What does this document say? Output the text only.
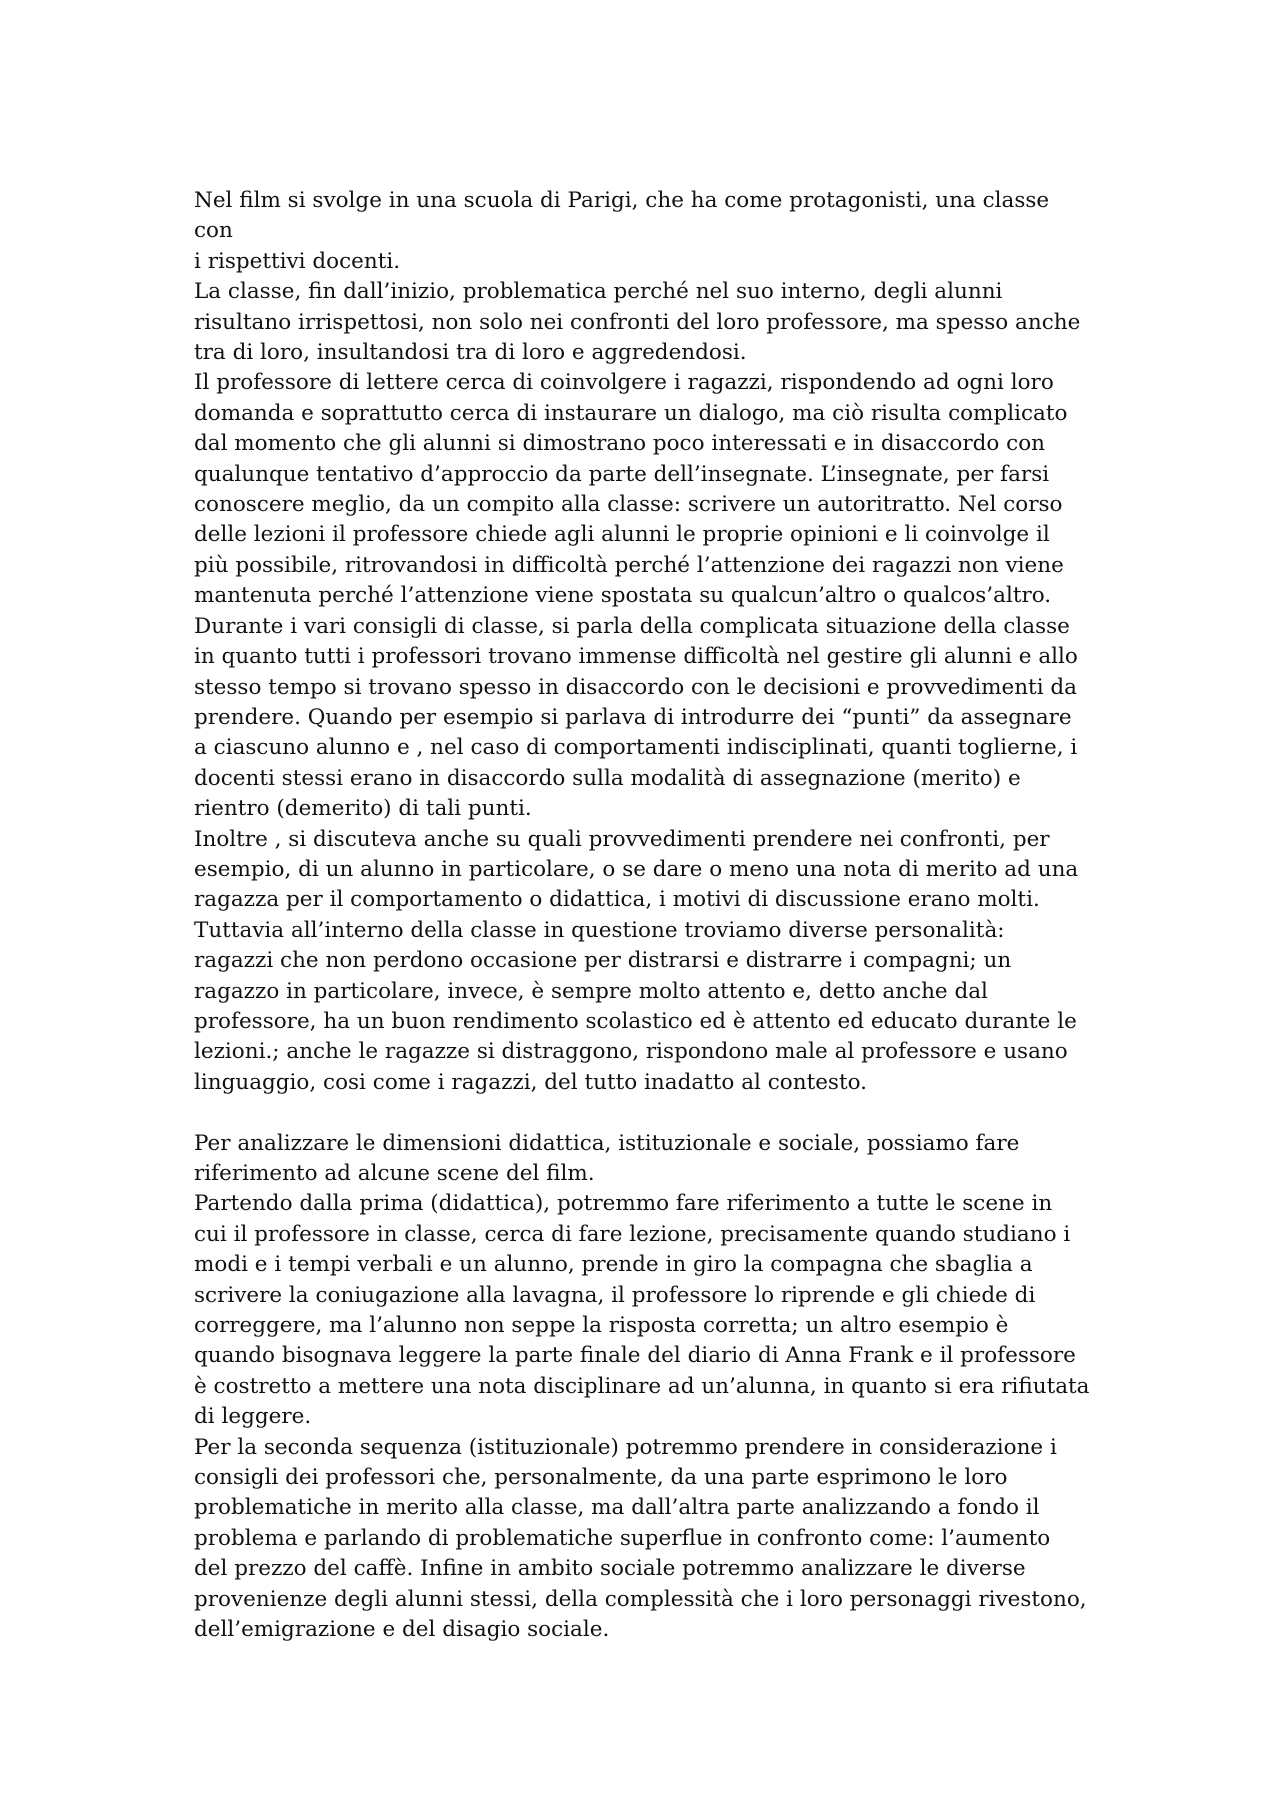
Nel film si svolge in una scuola di Parigi, che ha come protagonisti, una classe con
i rispettivi docenti.

La classe, fin dall’inizio, problematica perché nel suo interno, degli alunni
risultano irrispettosi, non solo nei confronti del loro professore, ma spesso anche
tra di loro, insultandosi tra di loro e aggredendosi.

Il professore di lettere cerca di coinvolgere i ragazzi, rispondendo ad ogni loro
domanda e soprattutto cerca di instaurare un dialogo, ma ciò risulta complicato
dal momento che gli alunni si dimostrano poco interessati e in disaccordo con
qualunque tentativo d’approccio da parte dell’insegnate. L’insegnate, per farsi
conoscere meglio, da un compito alla classe: scrivere un autoritratto. Nel corso
delle lezioni il professore chiede agli alunni le proprie opinioni e li coinvolge il
più possibile, ritrovandosi in difficoltà perché l’attenzione dei ragazzi non viene
mantenuta perché l’attenzione viene spostata su qualcun’altro o qualcos’altro.
Durante i vari consigli di classe, si parla della complicata situazione della classe
in quanto tutti i professori trovano immense difficoltà nel gestire gli alunni e allo
stesso tempo si trovano spesso in disaccordo con le decisioni e provvedimenti da
prendere. Quando per esempio si parlava di introdurre dei “punti” da assegnare
a ciascuno alunno e , nel caso di comportamenti indisciplinati, quanti toglierne, i
docenti stessi erano in disaccordo sulla modalità di assegnazione (merito) e
rientro (demerito) di tali punti.

Inoltre , si discuteva anche su quali provvedimenti prendere nei confronti, per
esempio, di un alunno in particolare, o se dare o meno una nota di merito ad una
ragazza per il comportamento o didattica, i motivi di discussione erano molti.
Tuttavia all’interno della classe in questione troviamo diverse personalità:
ragazzi che non perdono occasione per distrarsi e distrarre i compagni; un
ragazzo in particolare, invece, è sempre molto attento e, detto anche dal
professore, ha un buon rendimento scolastico ed è attento ed educato durante le
lezioni.; anche le ragazze si distraggono, rispondono male al professore e usano
linguaggio, cosi come i ragazzi, del tutto inadatto al contesto.

Per analizzare le dimensioni didattica, istituzionale e sociale, possiamo fare
riferimento ad alcune scene del film.

Partendo dalla prima (didattica), potremmo fare riferimento a tutte le scene in
cui il professore in classe, cerca di fare lezione, precisamente quando studiano i
modi e i tempi verbali e un alunno, prende in giro la compagna che sbaglia a
scrivere la coniugazione alla lavagna, il professore lo riprende e gli chiede di
correggere, ma l’alunno non seppe la risposta corretta; un altro esempio è
quando bisognava leggere la parte finale del diario di Anna Frank e il professore
è costretto a mettere una nota disciplinare ad un’alunna, in quanto si era rifiutata
di leggere.

Per la seconda sequenza (istituzionale) potremmo prendere in considerazione i
consigli dei professori che, personalmente, da una parte esprimono le loro
problematiche in merito alla classe, ma dall’altra parte analizzando a fondo il
problema e parlando di problematiche superflue in confronto come: l’aumento
del prezzo del caffè. Infine in ambito sociale potremmo analizzare le diverse
provenienze degli alunni stessi, della complessità che i loro personaggi rivestono,
dell’emigrazione e del disagio sociale.
